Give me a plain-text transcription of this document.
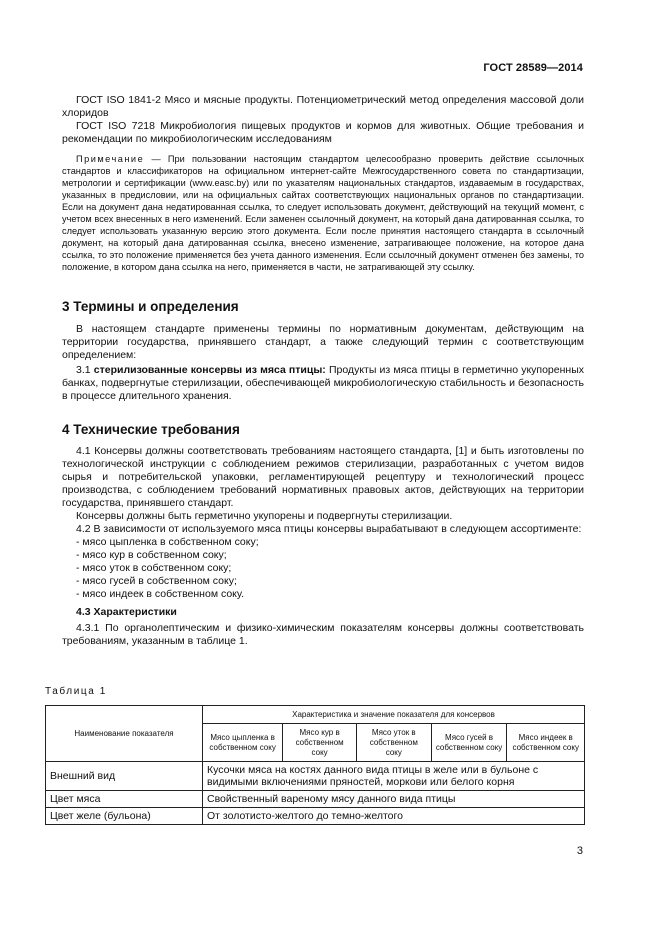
ГОСТ 28589—2014

ГОСТ ISO 1841-2 Мясо и мясные продукты. Потенциометрический метод определения массовой доли хлоридов

ГОСТ ISO 7218 Микробиология пищевых продуктов и кормов для животных. Общие требования и рекомендации по микробиологическим исследованиям

Примечание — При пользовании настоящим стандартом целесообразно проверить действие ссылочных стандартов и классификаторов на официальном интернет-сайте Межгосударственного совета по стандартизации, метрологии и сертификации (www.easc.by) или по указателям национальных стандартов, издаваемым в государствах, указанных в предисловии, или на официальных сайтах соответствующих национальных органов по стандартизации. Если на документ дана недатированная ссылка, то следует использовать документ, действующий на текущий момент, с учетом всех внесенных в него изменений. Если заменен ссылочный документ, на который дана датированная ссылка, то следует использовать указанную версию этого документа. Если после принятия настоящего стандарта в ссылочный документ, на который дана датированная ссылка, внесено изменение, затрагивающее положение, на которое дана ссылка, то это положение применяется без учета данного изменения. Если ссылочный документ отменен без замены, то положение, в котором дана ссылка на него, применяется в части, не затрагивающей эту ссылку.

3 Термины и определения

В настоящем стандарте применены термины по нормативным документам, действующим на территории государства, принявшего стандарт, а также следующий термин с соответствующим определением:

3.1 стерилизованные консервы из мяса птицы: Продукты из мяса птицы в герметично укупоренных банках, подвергнутые стерилизации, обеспечивающей микробиологическую стабильность и безопасность в процессе длительного хранения.

4 Технические требования

4.1 Консервы должны соответствовать требованиям настоящего стандарта, [1] и быть изготовлены по технологической инструкции с соблюдением режимов стерилизации, разработанных с учетом видов сырья и потребительской упаковки, регламентирующей рецептуру и технологический процесс производства, с соблюдением требований нормативных правовых актов, действующих на территории государства, принявшего стандарт.

Консервы должны быть герметично укупорены и подвергнуты стерилизации.

4.2 В зависимости от используемого мяса птицы консервы вырабатывают в следующем ассортименте:

- мясо цыпленка в собственном соку;
- мясо кур в собственном соку;
- мясо уток в собственном соку;
- мясо гусей в собственном соку;
- мясо индеек в собственном соку.

4.3 Характеристики

4.3.1 По органолептическим и физико-химическим показателям консервы должны соответствовать требованиям, указанным в таблице 1.

Таблица 1
Наименование показателя	Характеристика и значение показателя для консервов				
	Мясо цыпленка в собственном соку	Мясо кур в собственном соку	Мясо уток в собственном соку	Мясо гусей в собственном соку	Мясо индеек в собственном соку
Внешний вид	Кусочки мяса на костях данного вида птицы в желе или в бульоне с видимыми включениями пряностей, моркови или белого корня				
Цвет мяса	Свойственный вареному мясу данного вида птицы				
Цвет желе (бульона)	От золотисто-желтого до темно-желтого				
3
